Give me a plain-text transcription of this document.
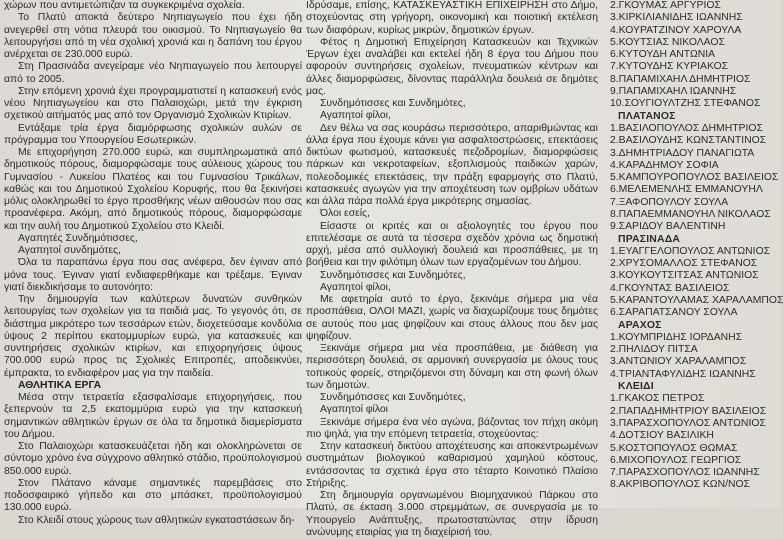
χώρων που αντιμετώπιζαν τα συγκεκριμένα σχολεία.

Το Πλατύ αποκτά δεύτερο Νηπιαγωγείο που έχει ήδη ανεγερθεί στη νότια πλευρά του οικισμού. Το Νηπιαγωγείο θα λειτουργήσει από τη νέα σχολική χρονιά και η δαπάνη του έργου ανέρχεται σε 230.000 ευρώ.

Στη Πρασινάδα ανεγείραμε νέο Νηπιαγωγείο που λειτουργεί από το 2005.

Στην επόμενη χρονιά έχει προγραμματιστεί η κατασκευή ενός νέου Νηπιαγωγείου και στο Παλαιοχώρι, μετά την έγκριση σχετικού αιτήματός μας από τον Οργανισμό Σχολικών Κτιρίων.

Εντάξαμε τρία έργα διαμόρφωσης σχολικών αυλών σε πρόγραμμα του Υπουργείου Εσωτερικών.

Με επιχορήγηση 270.000 ευρώ, και συμπληρωματικά από δημοτικούς πόρους, διαμορφώσαμε τους αύλειους χώρους του Γυμνασίου - Λυκείου Πλατέος και του Γυμνασίου Τρικάλων, καθώς και του Δημοτικού Σχολείου Κορυφής, που θα ξεκινήσει μόλις ολοκληρωθεί το έργο προσθήκης νέων αιθουσών που σας προανέφερα. Ακόμη, από δημοτικούς πόρους, διαμορφώσαμε και την αυλή του Δημοτικού Σχολείου στο Κλειδί.

Αγαπητές Συνδημότισσες,

Αγαπητοί συνδημότες,

Όλα τα παραπάνω έργα που σας ανέφερα, δεν έγιναν από μόνα τους. Έγιναν γιατί ενδιαφερθήκαμε και τρέξαμε. Έγιναν γιατί διεκδικήσαμε το αυτονόητο:

Την δημιουργία των καλύτερων δυνατών συνθηκών λειτουργίας των σχολείων για τα παιδιά μας. Το γεγονός ότι, σε διάστημα μικρότερο των τεσσάρων ετών, διοχετεύσαμε κονδύλια ύψους 2 περίπου εκατομμυρίων ευρώ, για κατασκευές και συντηρήσεις σχολικών κτιρίων, και επιχορηγήσεις ύψους 700.000 ευρώ προς τις Σχολικές Επιτροπές, αποδεικνύει, έμπρακτα, το ενδιαφέρον μας για την παιδεία.

ΑΘΛΗΤΙΚΑ ΕΡΓΑ

Μέσα στην τετραετία εξασφαλίσαμε επιχορηγήσεις, που ξεπερνούν τα 2,5 εκατομμύρια ευρώ για την κατασκευή σημαντικών αθλητικών έργων σε όλα τα δημοτικά διαμερίσματα του Δήμου.

Στο Παλαιοχώρι κατασκευάζεται ήδη και ολοκληρώνεται σε σύντομο χρόνο ένα σύγχρονο αθλητικό στάδιο, προϋπολογισμού 850.000 ευρώ.

Στον Πλάτανο κάναμε σημαντικές παρεμβάσεις στο ποδοσφαιρικό γήπεδο και στο μπάσκετ, προϋπολογισμού 130.000 ευρώ.

Στο Κλειδί στους χώρους των αθλητικών εγκαταστάσεων δη-

Ιδρύσαμε, επίσης, ΚΑΤΑΣΚΕΥΑΣΤΙΚΗ ΕΠΙΧΕΙΡΗΣΗ στο Δήμο, στοχεύοντας στη γρήγορη, οικονομική και ποιοτική εκτέλεση των διαφόρων, κυρίως μικρών, δημοτικών έργων.

Φέτος η Δημοτική Επιχείρηση Κατασκευών και Τεχνικών Έργων έχει αναλάβει και εκτελεί ήδη 8 έργα του Δήμου που αφορούν συντηρήσεις σχολείων, πνευματικών κέντρων και άλλες διαμορφώσεις, δίνοντας παράλληλα δουλειά σε δημότες μας.

Συνδημότισσες και Συνδημότες,

Αγαπητοί φίλοι,

Δεν θέλω να σας κουράσω περισσότερο, απαριθμώντας και άλλα έργα που έχουμε κάνει για ασφαλτοστρώσεις, επεκτάσεις δικτύων φωτισμού, κατασκευές πεζοδρομίων, διαμορφώσεις πάρκων και νεκροταφείων, εξοπλισμούς παιδικών χαρών, πολεοδομικές επεκτάσεις, την πράξη εφαρμογής στο Πλατύ, κατασκευές αγωγών για την αποχέτευση των ομβρίων υδάτων και άλλα πάρα πολλά έργα μικρότερης σημασίας.

Όλοι εσείς,

Είσαστε οι κριτές και οι αξιολογητές του έργου που επιτελέσαμε σε αυτά τα τέσσερα σχεδόν χρόνια ως δημοτική αρχή, μέσα από συλλογική δουλειά και προσπάθειες, με τη βοήθεια και την φιλότιμη όλων των εργαζομένων του Δήμου.

Συνδημότισσες και Συνδημότες,

Αγαπητοί φίλοι,

Με αφετηρία αυτό το έργο, ξεκινάμε σήμερα μια νέα προσπάθεια, ΟΛΟΙ ΜΑΖΙ, χωρίς να διαχωρίζουμε τους δημότες σε αυτούς που μας ψηφίζουν και στους άλλους που δεν μας ψηφίζουν.

Ξεκινάμε σήμερα μια νέα προσπάθεια, με διάθεση για περισσότερη δουλειά, σε αρμονική συνεργασία με όλους τους τοπικούς φορείς, στηριζόμενοι στη δύναμη και στη φωνή όλων των δημοτών.

Συνδημότισσες και Συνδημότες,

Αγαπητοί φίλοι

Ξεκινάμε σήμερα ένα νέο αγώνα, βάζοντας τον πήχη ακόμη πιο ψηλά, για την επόμενη τετραετία, στοχεύοντας:

Στην κατασκευή δικτύου αποχέτευσης και αποκεντρωμένων συστημάτων βιολογικού καθαρισμού χαμηλού κόστους, εντάσσοντας τα σχετικά έργα στο τέταρτο Κοινοτικό Πλαίσιο Στήριξης.

Στη δημιουργία οργανωμένου Βιομηχανικού Πάρκου στο Πλατύ, σε έκταση 3.000 στρεμμάτων, σε συνεργασία με το Υπουργείο Ανάπτυξης, πρωτοστατώντας στην ίδρυση ανώνυμης εταιρίας για τη διαχείρισή του.

2.ΓΚΟΥΜΑΣ ΑΡΓΥΡΙΟΣ
3.ΚΙΡΚΙΛΙΑΝΙΔΗΣ ΙΩΑΝΝΗΣ
4.ΚΟΥΡΑΤΖΙΝΟΥ ΧΑΡΟΥΛΑ
5.ΚΟΥΤΣΙΑΣ ΝΙΚΟΛΑΟΣ
6.ΚΥΤΟΥΔΗ ΑΝΤΩΝΙΑ
7.ΚΥΤΟΥΔΗΣ ΚΥΡΙΑΚΟΣ
8.ΠΑΠΑΜΙΧΑΗΛ ΔΗΜΗΤΡΙΟΣ
9.ΠΑΠΑΜΙΧΑΗΛ ΙΩΑΝΝΗΣ
10.ΣΟΥΓΙΟΥΛΤΖΗΣ ΣΤΕΦΑΝΟΣ

ΠΛΑΤΑΝΟΣ

1.ΒΑΣΙΛΟΠΟΥΛΟΣ ΔΗΜΗΤΡΙΟΣ
2.ΒΑΣΙΛΟΥΔΗΣ ΚΩΝΣΤΑΝΤΙΝΟΣ
3.ΔΗΜΗΤΡΙΑΔΟΥ ΠΑΝΑΓΙΩΤΑ
4.ΚΑΡΑΔΗΜΟΥ ΣΟΦΙΑ
5.ΚΑΜΠΟΥΡΟΠΟΥΛΟΣ ΒΑΣΙΛΕΙΟΣ
6.ΜΕΛΕΜΕΝΛΗΣ ΕΜΜΑΝΟΥΗΛ
7.ΞΑΦΟΠΟΥΛΟΥ ΣΟΥΛΑ
8.ΠΑΠΑΕΜΜΑΝΟΥΗΛ ΝΙΚΟΛΑΟΣ
9.ΣΑΡΙΔΟΥ ΒΑΛΕΝΤΙΝΗ

ΠΡΑΣΙΝΑΔΑ

1.ΕΥΑΓΓΕΛΟΠΟΥΛΟΣ ΑΝΤΩΝΙΟΣ
2.ΧΡΥΣΟΜΑΛΛΟΣ ΣΤΕΦΑΝΟΣ
3.ΚΟΥΚΟΥΤΣΙΤΣΑΣ ΑΝΤΩΝΙΟΣ
4.ΓΚΟΥΝΤΑΣ ΒΑΣΙΛΕΙΟΣ
5.ΚΑΡΑΝΤΟΥΛΑΜΑΣ ΧΑΡΑΛΑΜΠΟΣ
6.ΣΑΡΑΠΑΤΣΑΝΟΥ ΣΟΥΛΑ

ΑΡΑΧΟΣ

1.ΚΟΥΜΠΡΙΔΗΣ ΙΟΡΔΑΝΗΣ
2.ΠΗΛΙΔΟΥ ΠΙΤΣΑ
3.ΑΝΤΩΝΙΟΥ ΧΑΡΑΛΑΜΠΟΣ
4.ΤΡΙΑΝΤΑΦΥΛΙΔΗΣ ΙΩΑΝΝΗΣ

ΚΛΕΙΔΙ

1.ΓΚΑΚΟΣ ΠΕΤΡΟΣ
2.ΠΑΠΑΔΗΜΗΤΡΙΟΥ ΒΑΣΙΛΕΙΟΣ
3.ΠΑΡΑΣΧΟΠΟΥΛΟΣ ΑΝΤΩΝΙΟΣ
4.ΔΟΤΣΙΟΥ ΒΑΣΙΛΙΚΗ
5.ΚΟΣΤΟΠΟΥΛΟΣ ΘΩΜΑΣ
6.ΜΙΧΟΠΟΥΛΟΣ ΓΕΩΡΓΙΟΣ
7.ΠΑΡΑΣΧΟΠΟΥΛΟΣ ΙΩΑΝΝΗΣ
8.ΑΚΡΙΒΟΠΟΥΛΟΣ ΚΩΝ/ΝΟΣ
